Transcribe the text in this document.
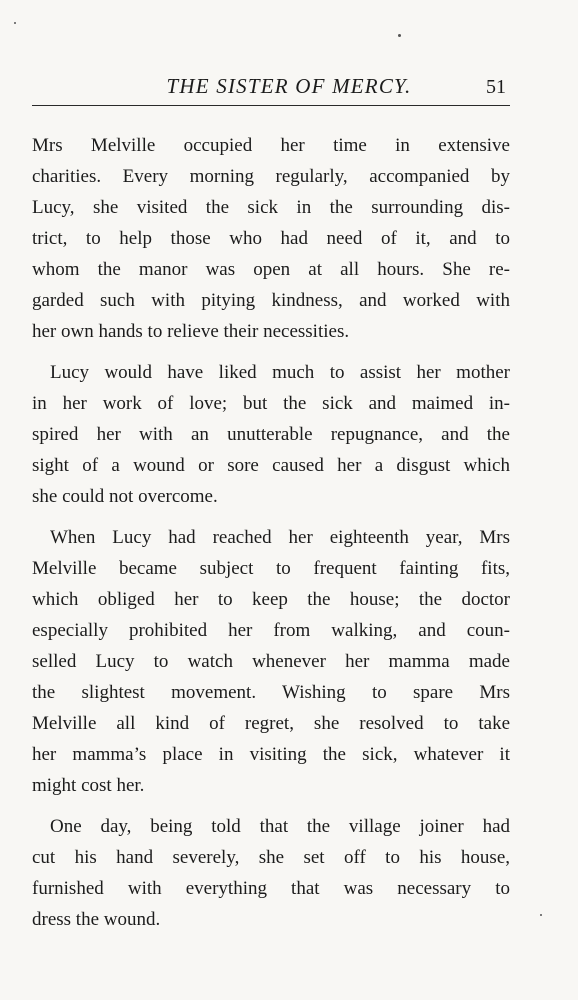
THE SISTER OF MERCY.	51
Mrs Melville occupied her time in extensive
charities. Every morning regularly, accompanied by
Lucy, she visited the sick in the surrounding dis-
trict, to help those who had need of it, and to
whom the manor was open at all hours. She re-
garded such with pitying kindness, and worked with
her own hands to relieve their necessities.
Lucy would have liked much to assist her mother
in her work of love; but the sick and maimed in-
spired her with an unutterable repugnance, and the
sight of a wound or sore caused her a disgust which
she could not overcome.
When Lucy had reached her eighteenth year, Mrs
Melville became subject to frequent fainting fits,
which obliged her to keep the house; the doctor
especially prohibited her from walking, and coun-
selled Lucy to watch whenever her mamma made
the slightest movement. Wishing to spare Mrs
Melville all kind of regret, she resolved to take
her mamma’s place in visiting the sick, whatever it
might cost her.
One day, being told that the village joiner had
cut his hand severely, she set off to his house,
furnished with everything that was necessary to
dress the wound.
